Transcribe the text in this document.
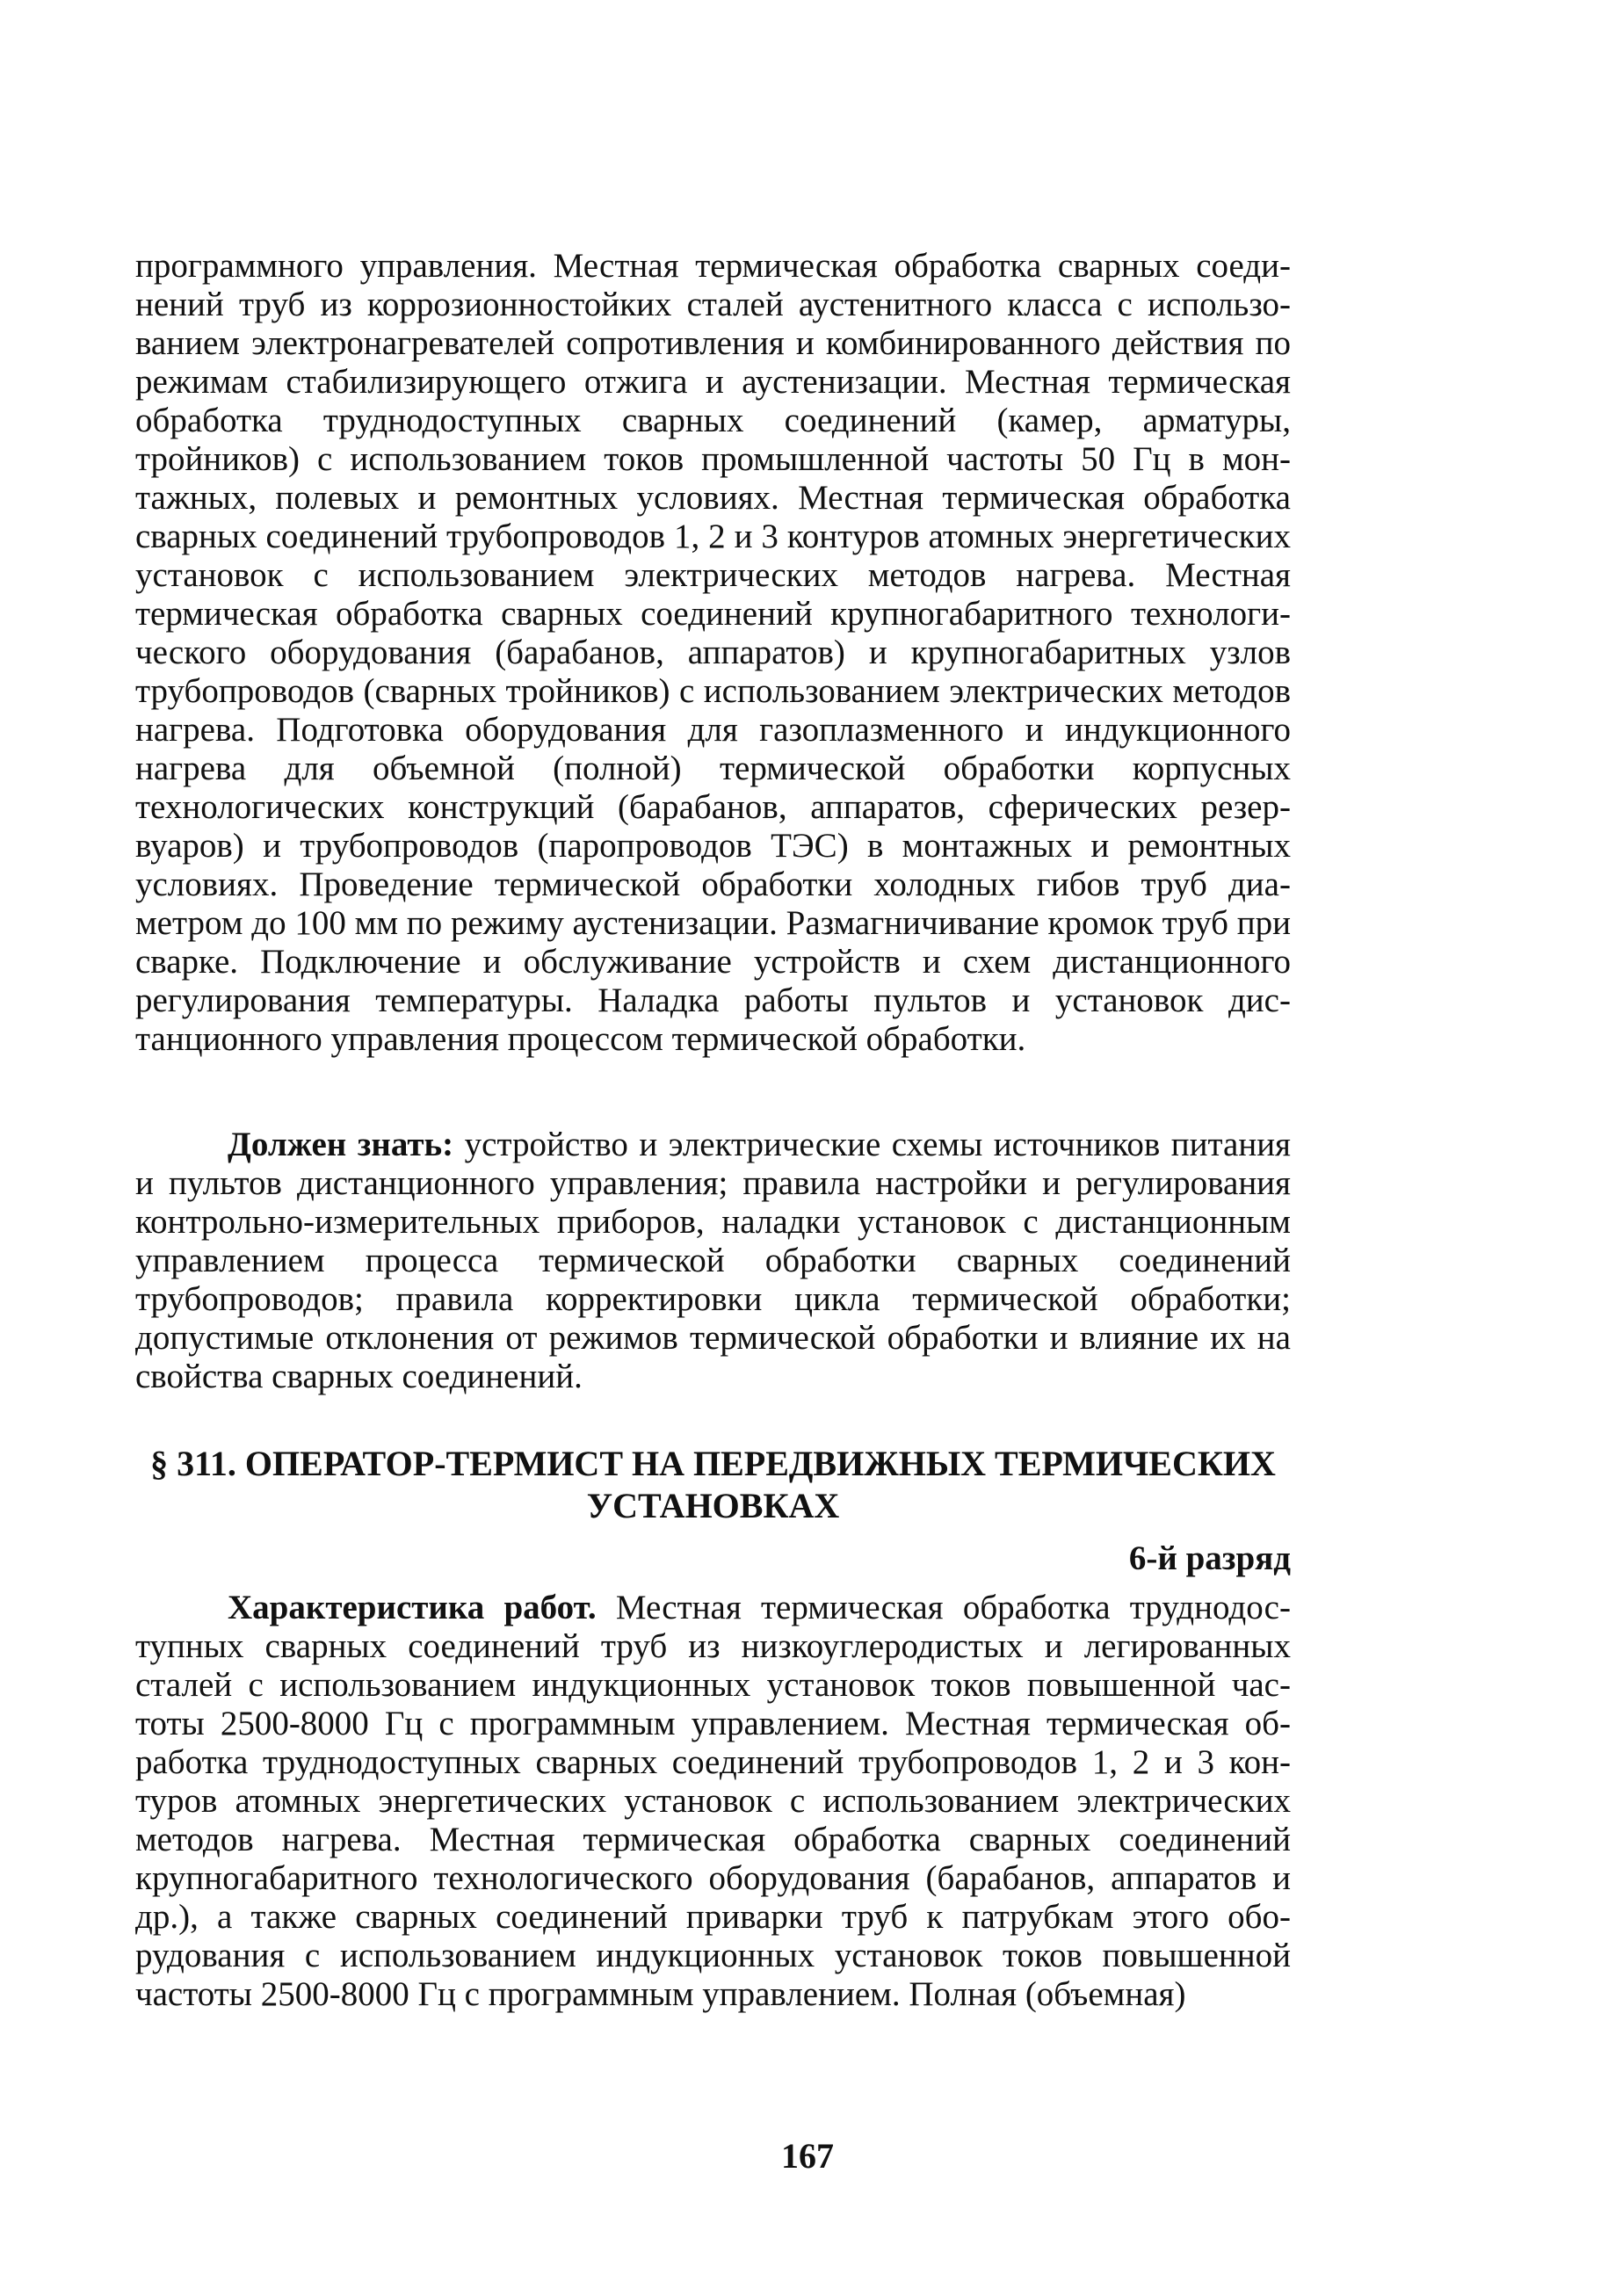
программного управления. Местная термическая обработка сварных соединений труб из коррозионностойких сталей аустенитного класса с использованием электронагревателей сопротивления и комбинированного действия по режимам стабилизирующего отжига и аустенизации. Местная термическая обработка труднодоступных сварных соединений (камер, арматуры, тройников) с использованием токов промышленной частоты 50 Гц в монтажных, полевых и ремонтных условиях. Местная термическая обработка сварных соединений трубопроводов 1, 2 и 3 контуров атомных энергетических установок с использованием электрических методов нагрева. Местная термическая обработка сварных соединений крупногабаритного технологического оборудования (барабанов, аппаратов) и крупногабаритных узлов трубопроводов (сварных тройников) с использованием электрических методов нагрева. Подготовка оборудования для газоплазменного и индукционного нагрева для объемной (полной) термической обработки корпусных технологических конструкций (барабанов, аппаратов, сферических резервуаров) и трубопроводов (паропроводов ТЭС) в монтажных и ремонтных условиях. Проведение термической обработки холодных гибов труб диаметром до 100 мм по режиму аустенизации. Размагничивание кромок труб при сварке. Подключение и обслуживание устройств и схем дистанционного регулирования температуры. Наладка работы пультов и установок дистанционного управления процессом термической обработки.

Должен знать: устройство и электрические схемы источников питания и пультов дистанционного управления; правила настройки и регулирования контрольно-измерительных приборов, наладки установок с дистанционным управлением процесса термической обработки сварных соединений трубопроводов; правила корректировки цикла термической обработки; допустимые отклонения от режимов термической обработки и влияние их на свойства сварных соединений.

§ 311. ОПЕРАТОР-ТЕРМИСТ НА ПЕРЕДВИЖНЫХ ТЕРМИЧЕСКИХ
УСТАНОВКАХ
6-й разряд

Характеристика работ. Местная термическая обработка труднодоступных сварных соединений труб из низкоуглеродистых и легированных сталей с использованием индукционных установок токов повышенной частоты 2500-8000 Гц с программным управлением. Местная термическая обработка труднодоступных сварных соединений трубопроводов 1, 2 и 3 контуров атомных энергетических установок с использованием электрических методов нагрева. Местная термическая обработка сварных соединений крупногабаритного технологического оборудования (барабанов, аппаратов и др.), а также сварных соединений приварки труб к патрубкам этого оборудования с использованием индукционных установок токов повышенной частоты 2500-8000 Гц с программным управлением. Полная (объемная)

167
